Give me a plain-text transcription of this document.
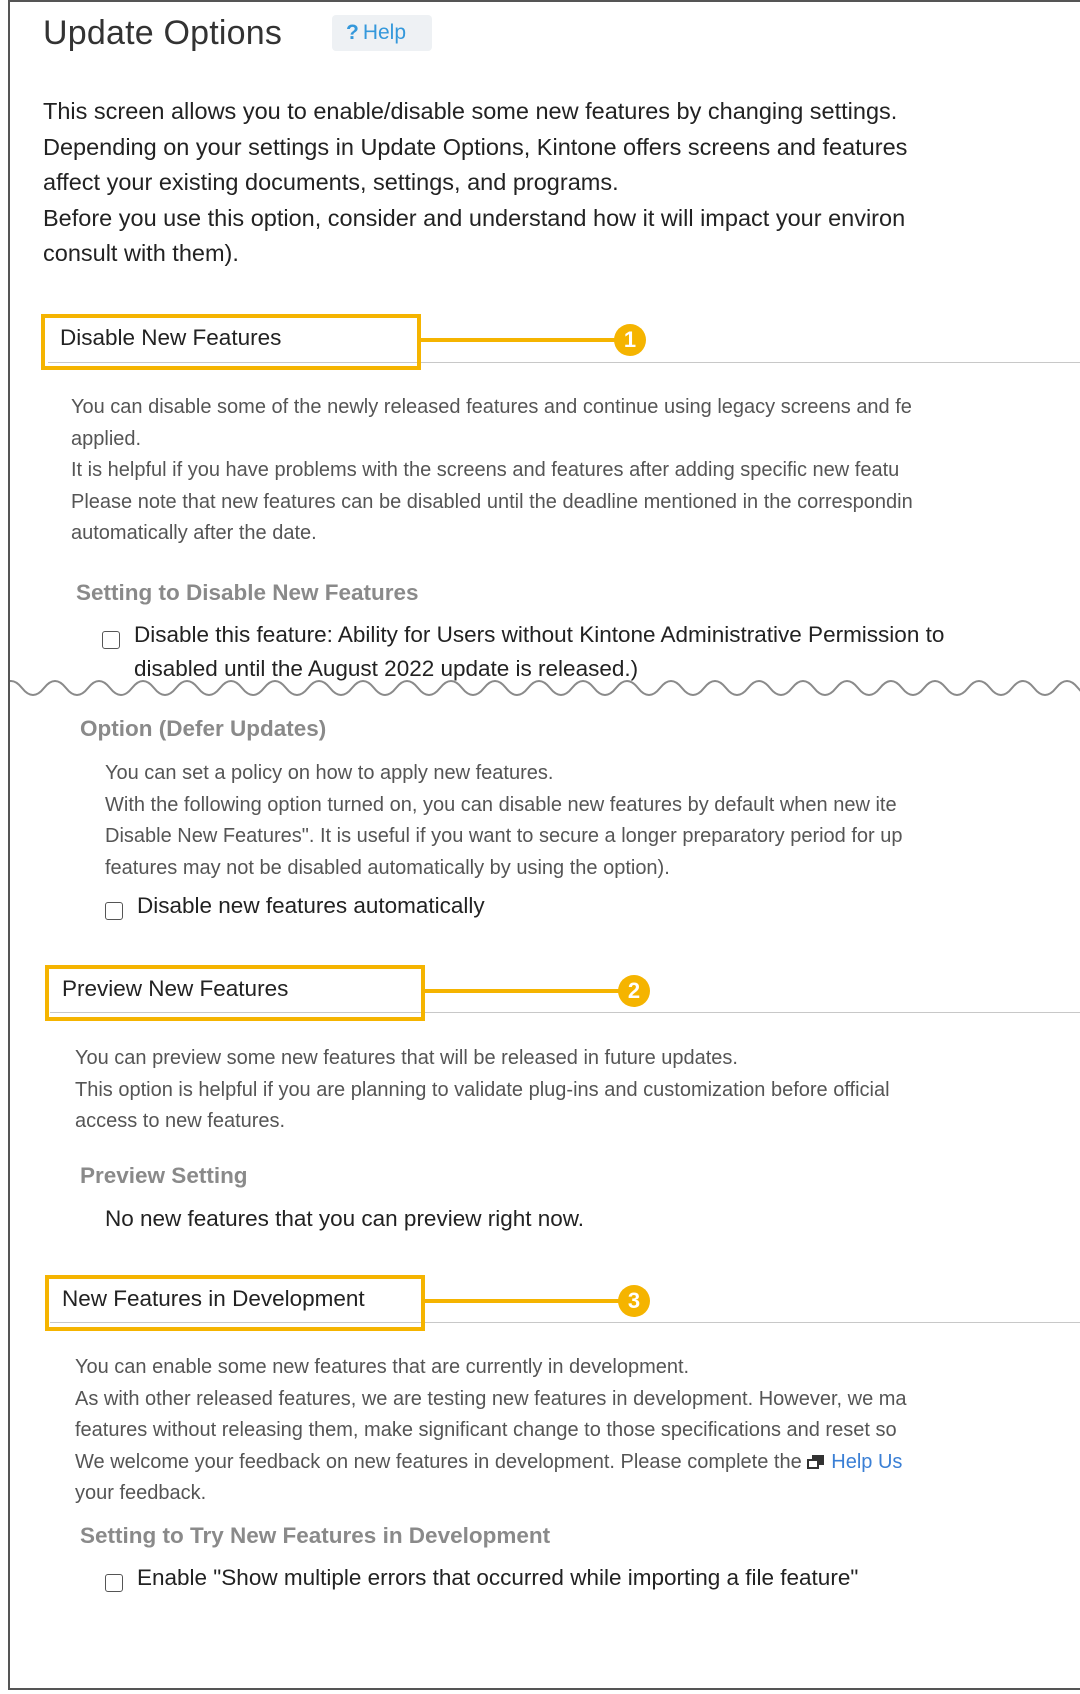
Update Options	? Help
This screen allows you to enable/disable some new features by changing settings.
Depending on your settings in Update Options, Kintone offers screens and features
affect your existing documents, settings, and programs.
Before you use this option, consider and understand how it will impact your environ
consult with them).
Disable New Features	1
You can disable some of the newly released features and continue using legacy screens and fe
applied.
It is helpful if you have problems with the screens and features after adding specific new featu
Please note that new features can be disabled until the deadline mentioned in the correspondin
automatically after the date.
Setting to Disable New Features
Disable this feature: Ability for Users without Kintone Administrative Permission to
disabled until the August 2022 update is released.)
Option (Defer Updates)
You can set a policy on how to apply new features.
With the following option turned on, you can disable new features by default when new ite
Disable New Features". It is useful if you want to secure a longer preparatory period for up
features may not be disabled automatically by using the option).
Disable new features automatically
Preview New Features	2
You can preview some new features that will be released in future updates.
This option is helpful if you are planning to validate plug-ins and customization before official
access to new features.
Preview Setting
No new features that you can preview right now.
New Features in Development	3
You can enable some new features that are currently in development.
As with other released features, we are testing new features in development. However, we ma
features without releasing them, make significant change to those specifications and reset so
We welcome your feedback on new features in development. Please complete the Help Us
your feedback.
Setting to Try New Features in Development
Enable "Show multiple errors that occurred while importing a file feature"
